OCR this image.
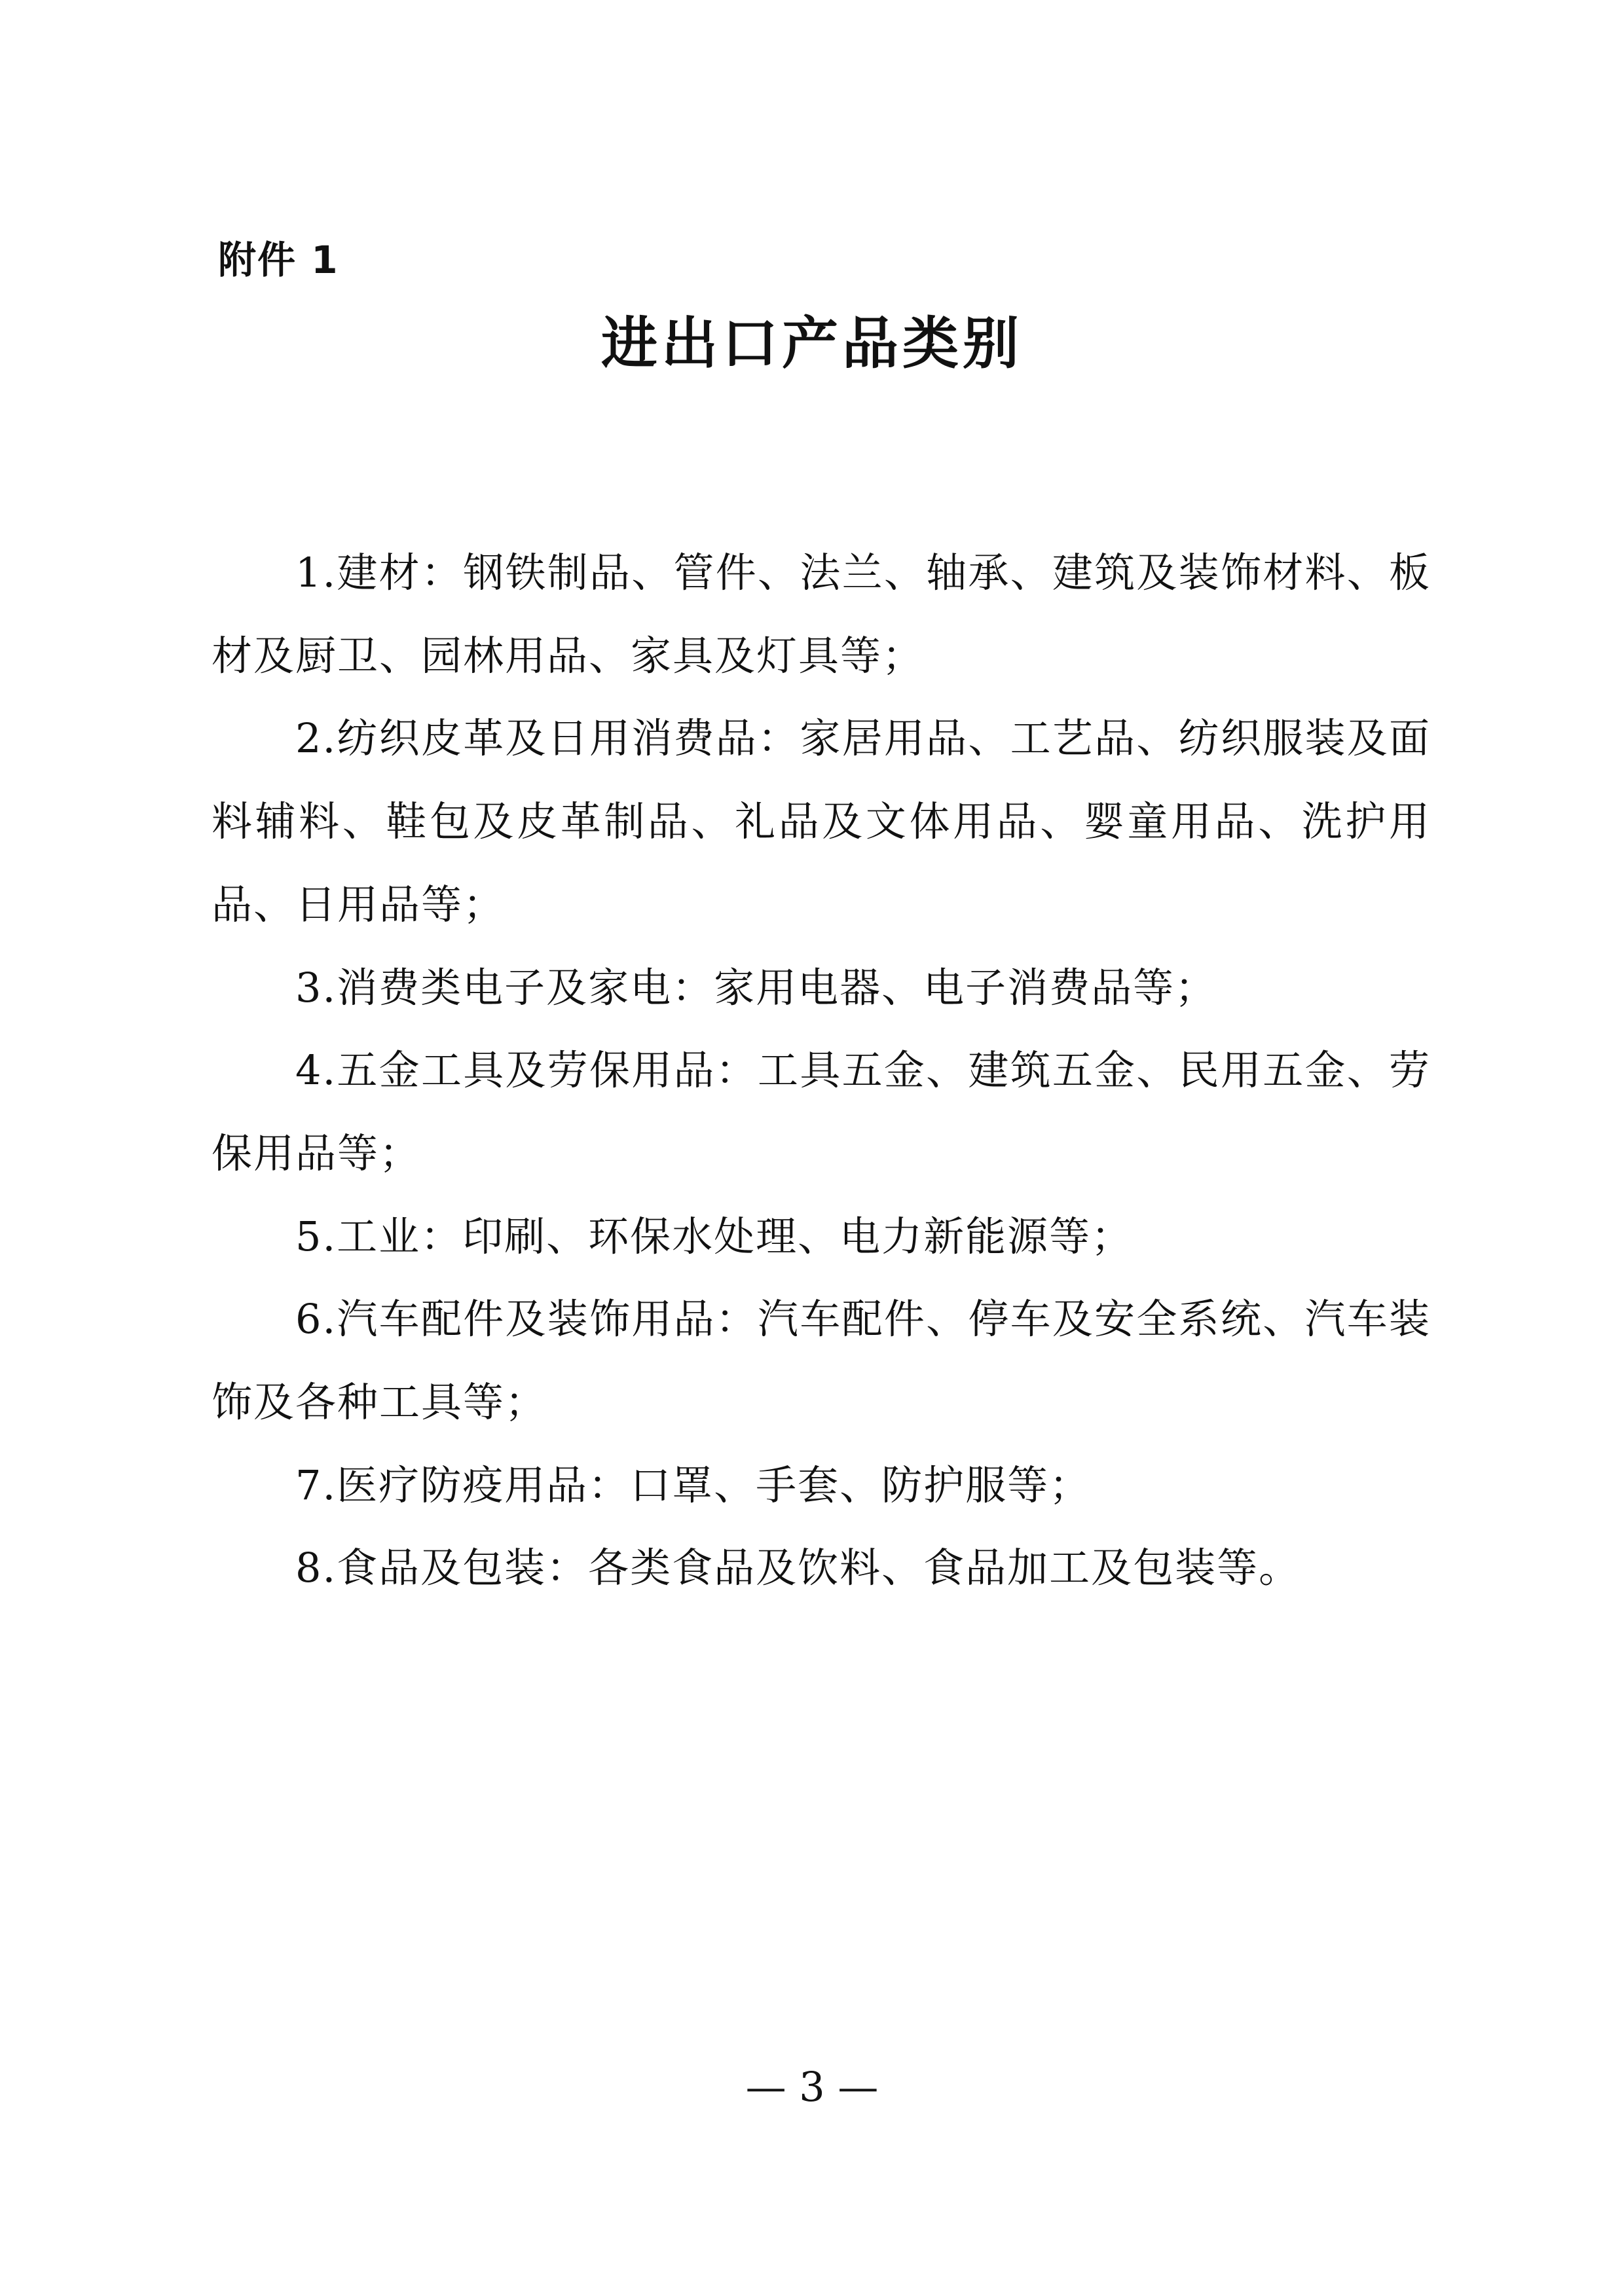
附件 1
进出口产品类别

1.建材：钢铁制品、管件、法兰、轴承、建筑及装饰材料、板材及厨卫、园林用品、家具及灯具等；

2.纺织皮革及日用消费品：家居用品、工艺品、纺织服装及面料辅料、鞋包及皮革制品、礼品及文体用品、婴童用品、洗护用品、日用品等；

3.消费类电子及家电：家用电器、电子消费品等；

4.五金工具及劳保用品：工具五金、建筑五金、民用五金、劳保用品等；

5.工业：印刷、环保水处理、电力新能源等；

6.汽车配件及装饰用品：汽车配件、停车及安全系统、汽车装饰及各种工具等；

7.医疗防疫用品：口罩、手套、防护服等；

8.食品及包装：各类食品及饮料、食品加工及包装等。

— 3 —
